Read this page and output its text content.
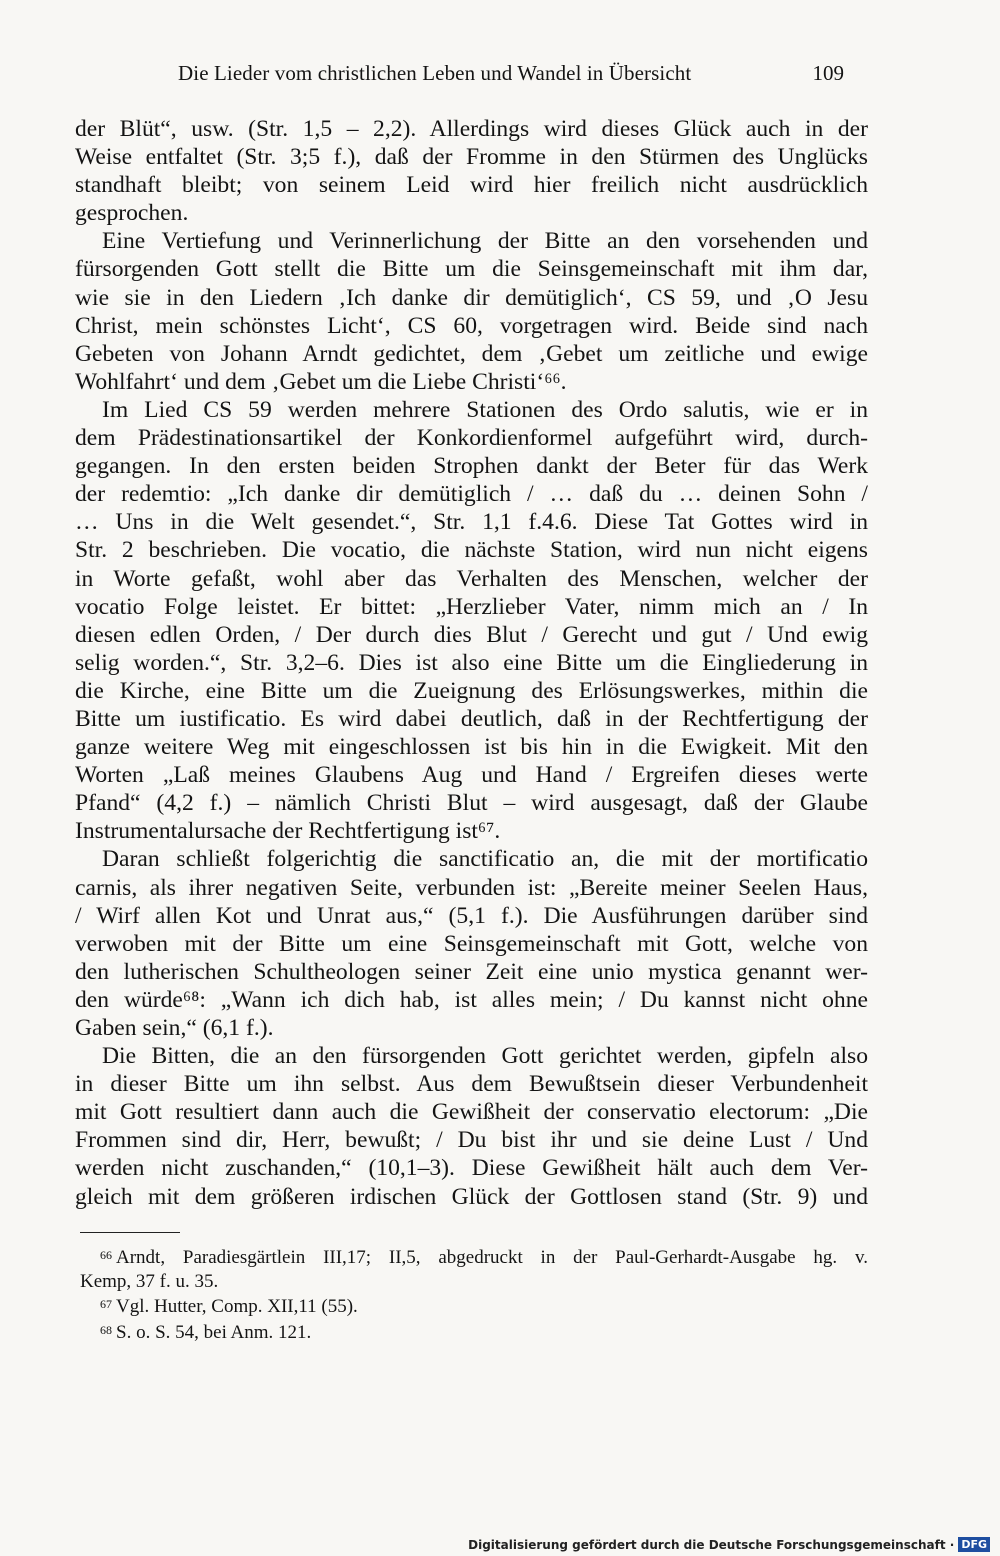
Die Lieder vom christlichen Leben und Wandel in Übersicht	109
der Blüt“, usw. (Str. 1,5 – 2,2). Allerdings wird dieses Glück auch in der
Weise entfaltet (Str. 3;5 f.), daß der Fromme in den Stürmen des Unglücks
standhaft bleibt; von seinem Leid wird hier freilich nicht ausdrücklich
gesprochen.
Eine Vertiefung und Verinnerlichung der Bitte an den vorsehenden und
fürsorgenden Gott stellt die Bitte um die Seinsgemeinschaft mit ihm dar,
wie sie in den Liedern ‚Ich danke dir demütiglich‘, CS 59, und ‚O Jesu
Christ, mein schönstes Licht‘, CS 60, vorgetragen wird. Beide sind nach
Gebeten von Johann Arndt gedichtet, dem ‚Gebet um zeitliche und ewige
Wohlfahrt‘ und dem ‚Gebet um die Liebe Christi‘⁶⁶.
Im Lied CS 59 werden mehrere Stationen des Ordo salutis, wie er in
dem Prädestinationsartikel der Konkordienformel aufgeführt wird, durch-
gegangen. In den ersten beiden Strophen dankt der Beter für das Werk
der redemtio: „Ich danke dir demütiglich / … daß du … deinen Sohn /
… Uns in die Welt gesendet.“, Str. 1,1 f.4.6. Diese Tat Gottes wird in
Str. 2 beschrieben. Die vocatio, die nächste Station, wird nun nicht eigens
in Worte gefaßt, wohl aber das Verhalten des Menschen, welcher der
vocatio Folge leistet. Er bittet: „Herzlieber Vater, nimm mich an / In
diesen edlen Orden, / Der durch dies Blut / Gerecht und gut / Und ewig
selig worden.“, Str. 3,2–6. Dies ist also eine Bitte um die Eingliederung in
die Kirche, eine Bitte um die Zueignung des Erlösungswerkes, mithin die
Bitte um iustificatio. Es wird dabei deutlich, daß in der Rechtfertigung der
ganze weitere Weg mit eingeschlossen ist bis hin in die Ewigkeit. Mit den
Worten „Laß meines Glaubens Aug und Hand / Ergreifen dieses werte
Pfand“ (4,2 f.) – nämlich Christi Blut – wird ausgesagt, daß der Glaube
Instrumentalursache der Rechtfertigung ist⁶⁷.
Daran schließt folgerichtig die sanctificatio an, die mit der mortificatio
carnis, als ihrer negativen Seite, verbunden ist: „Bereite meiner Seelen Haus,
/ Wirf allen Kot und Unrat aus,“ (5,1 f.). Die Ausführungen darüber sind
verwoben mit der Bitte um eine Seinsgemeinschaft mit Gott, welche von
den lutherischen Schultheologen seiner Zeit eine unio mystica genannt wer-
den würde⁶⁸: „Wann ich dich hab, ist alles mein; / Du kannst nicht ohne
Gaben sein,“ (6,1 f.).
Die Bitten, die an den fürsorgenden Gott gerichtet werden, gipfeln also
in dieser Bitte um ihn selbst. Aus dem Bewußtsein dieser Verbundenheit
mit Gott resultiert dann auch die Gewißheit der conservatio electorum: „Die
Frommen sind dir, Herr, bewußt; / Du bist ihr und sie deine Lust / Und
werden nicht zuschanden,“ (10,1–3). Diese Gewißheit hält auch dem Ver-
gleich mit dem größeren irdischen Glück der Gottlosen stand (Str. 9) und
$^{66}$ Arndt, Paradiesgärtlein III,17; II,5, abgedruckt in der Paul-Gerhardt-Ausgabe hg. v.
Kemp, 37 f. u. 35.
$^{67}$ Vgl. Hutter, Comp. XII,11 (55).
$^{68}$ S. o. S. 54, bei Anm. 121.
Digitalisierung gefördert durch die Deutsche Forschungsgemeinschaft · DFG
